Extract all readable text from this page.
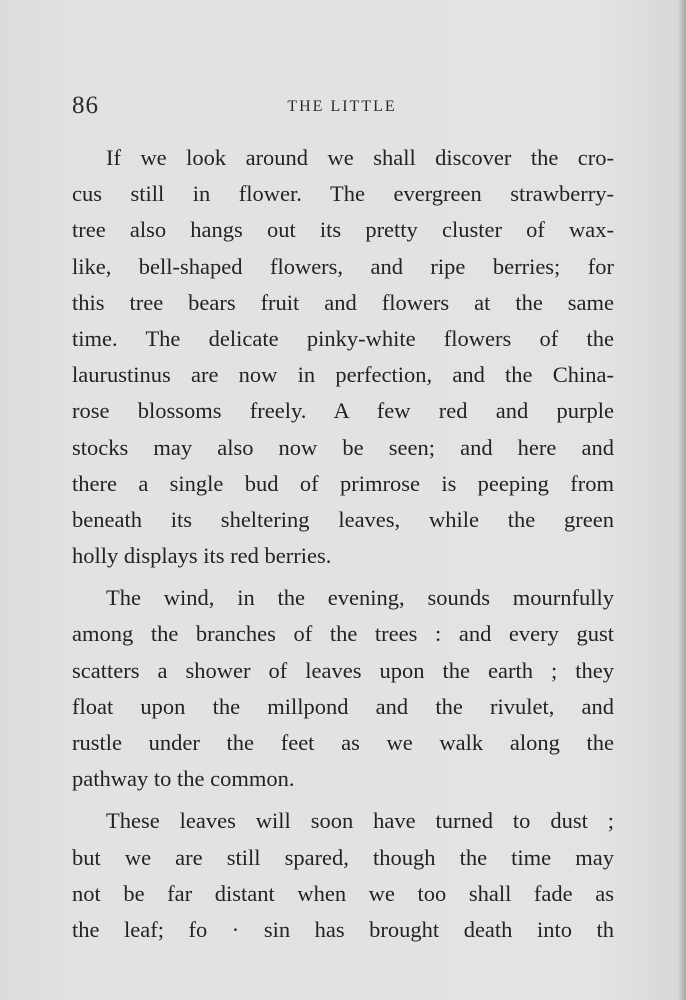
86	THE LITTLE
If we look around we shall discover the cro-
cus still in flower. The evergreen strawberry-
tree also hangs out its pretty cluster of wax-
like, bell-shaped flowers, and ripe berries; for
this tree bears fruit and flowers at the same
time. The delicate pinky-white flowers of the
laurustinus are now in perfection, and the China-
rose blossoms freely. A few red and purple
stocks may also now be seen; and here and
there a single bud of primrose is peeping from
beneath its sheltering leaves, while the green
holly displays its red berries.
The wind, in the evening, sounds mournfully
among the branches of the trees : and every gust
scatters a shower of leaves upon the earth ; they
float upon the millpond and the rivulet, and
rustle under the feet as we walk along the
pathway to the common.
These leaves will soon have turned to dust ;
but we are still spared, though the time may
not be far distant when we too shall fade as
the leaf; fo · sin has brought death into th
